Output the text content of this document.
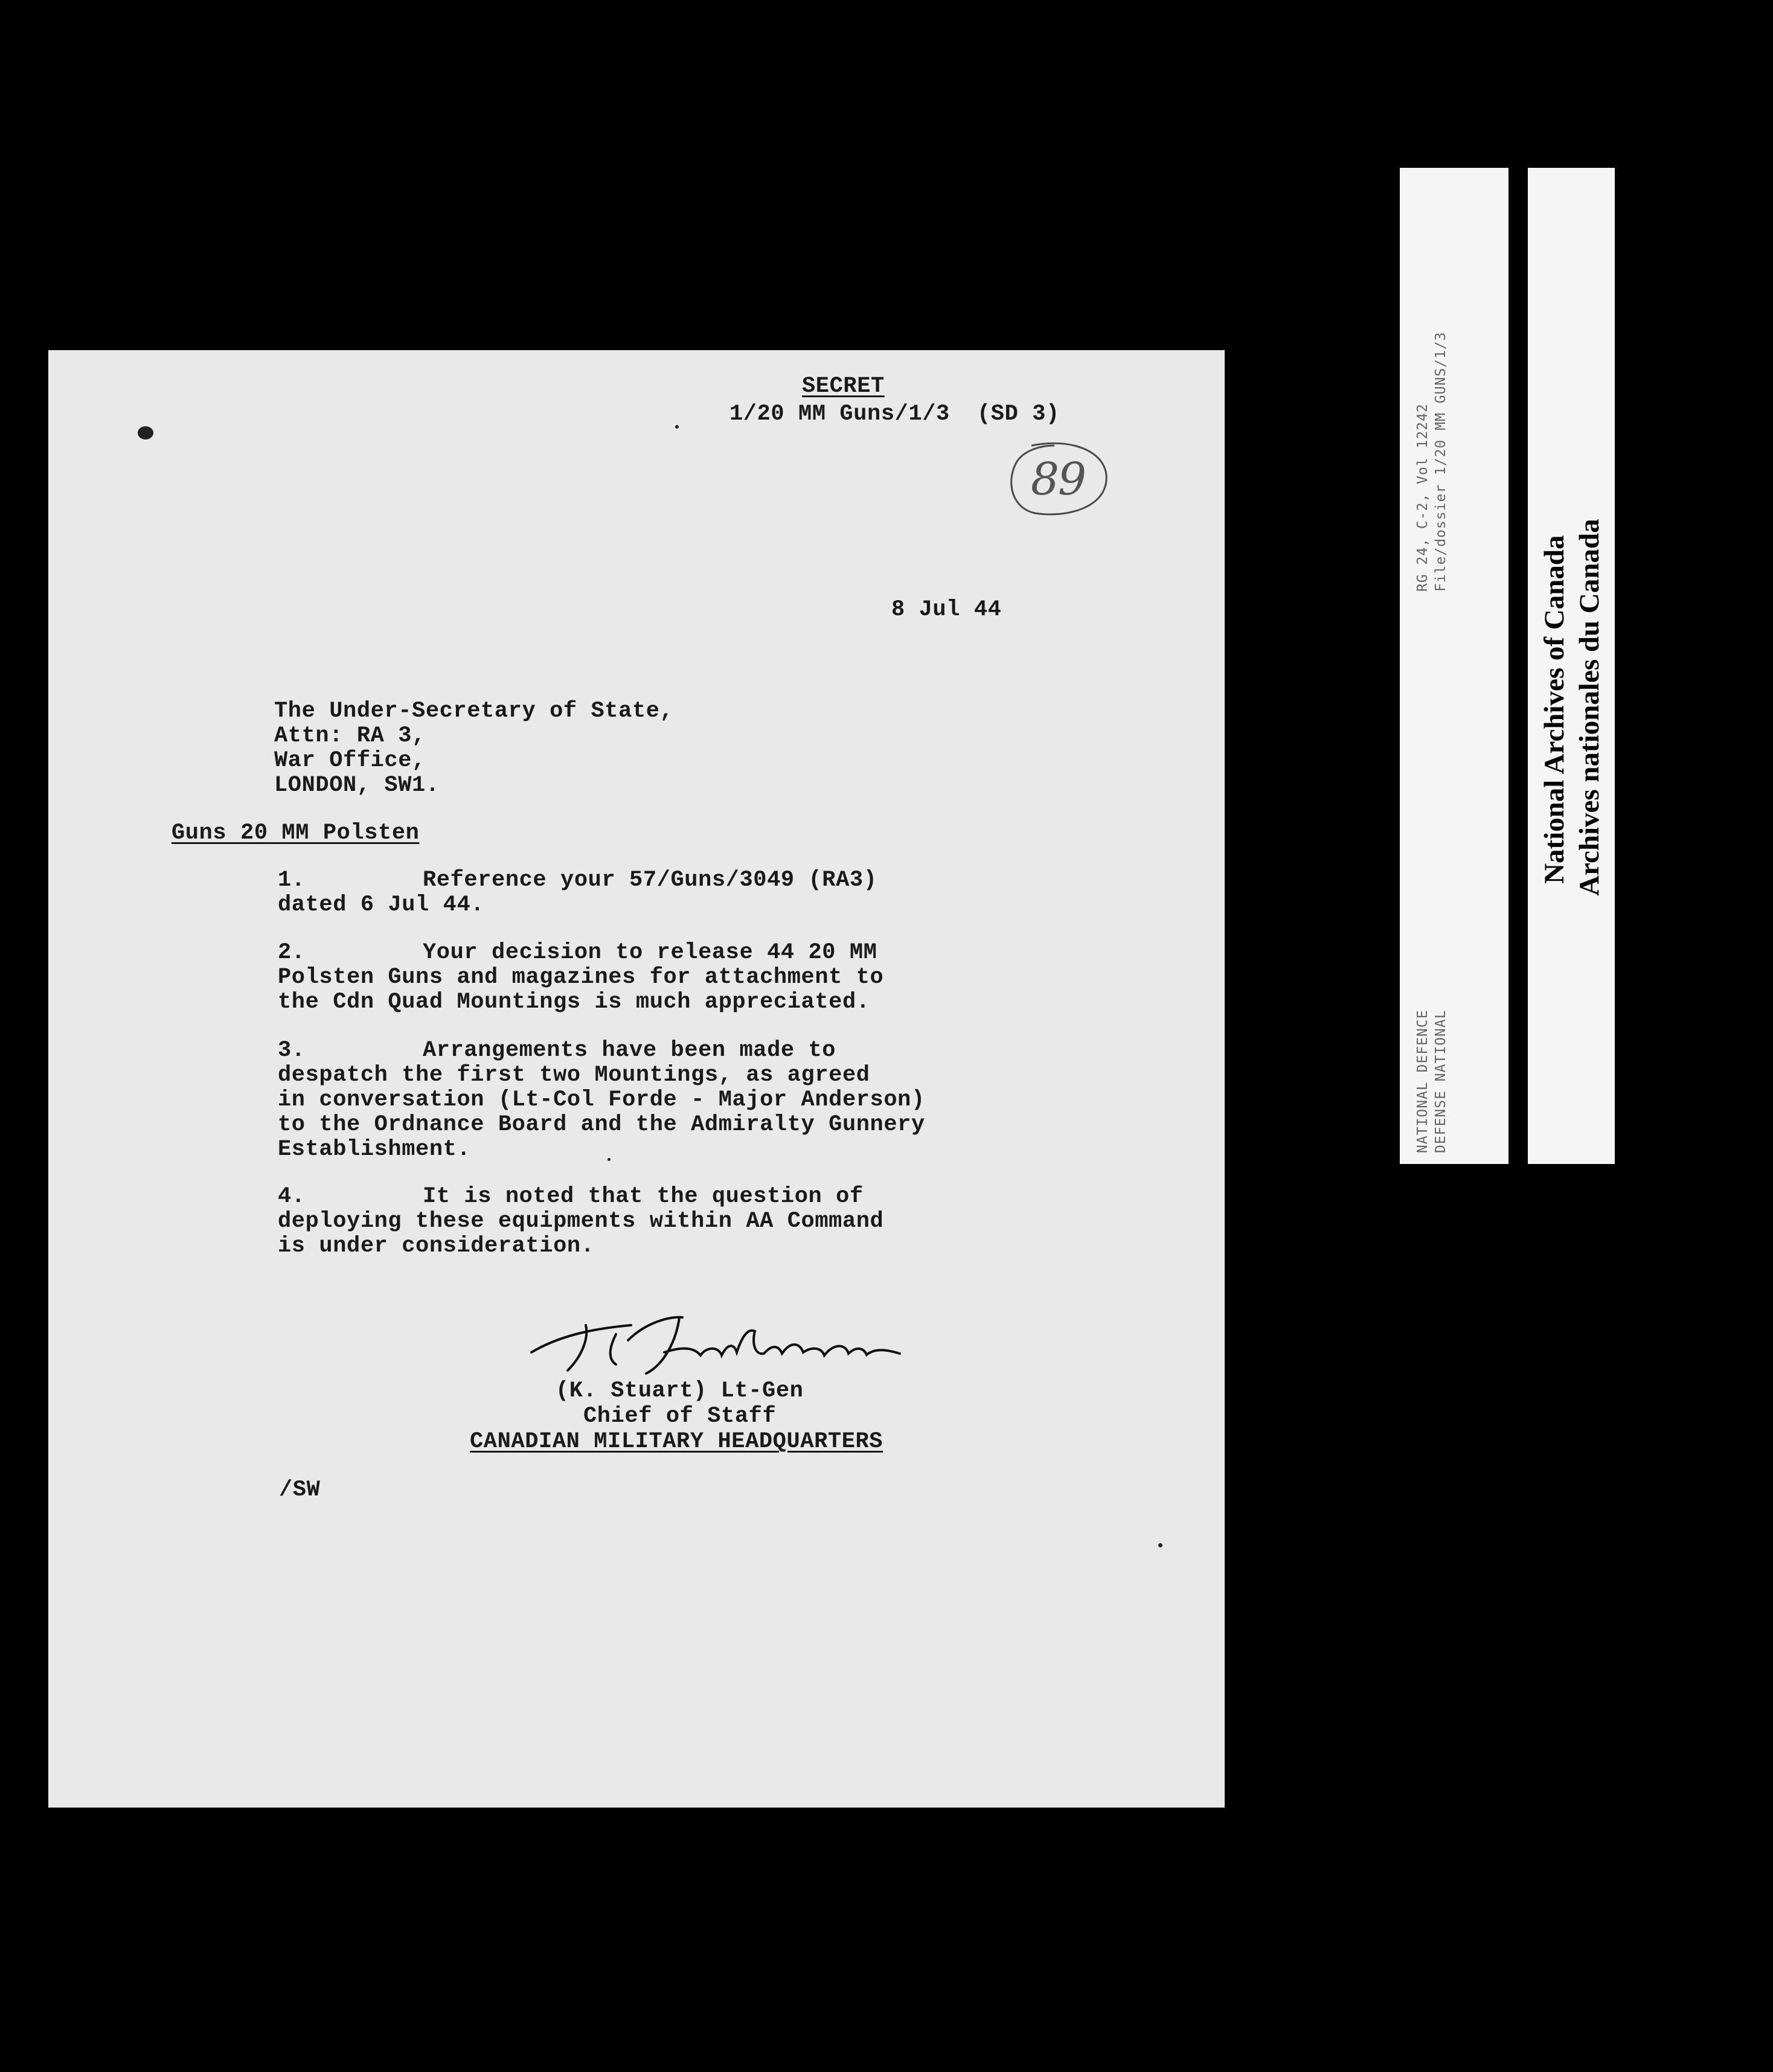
SECRET
1/20 MM Guns/1/3 (SD 3)
89
8 Jul 44
The Under-Secretary of State,
Attn: RA 3,
War Office,
LONDON, SW1.
Guns 20 MM Polsten
1.	Reference your 57/Guns/3049 (RA3)
dated 6 Jul 44.
2.	Your decision to release 44 20 MM
Polsten Guns and magazines for attachment to
the Cdn Quad Mountings is much appreciated.
3.	Arrangements have been made to
despatch the first two Mountings, as agreed
in conversation (Lt-Col Forde - Major Anderson)
to the Ordnance Board and the Admiralty Gunnery
Establishment.
4.	It is noted that the question of
deploying these equipments within AA Command
is under consideration.
(K. Stuart) Lt-Gen
Chief of Staff
CANADIAN MILITARY HEADQUARTERS
/SW
RG 24, C-2, Vol 12242 File/dossier 1/20 MM GUNS/1/3
NATIONAL DEFENCE DEFENSE NATIONAL
National Archives of Canada Archives nationales du Canada
